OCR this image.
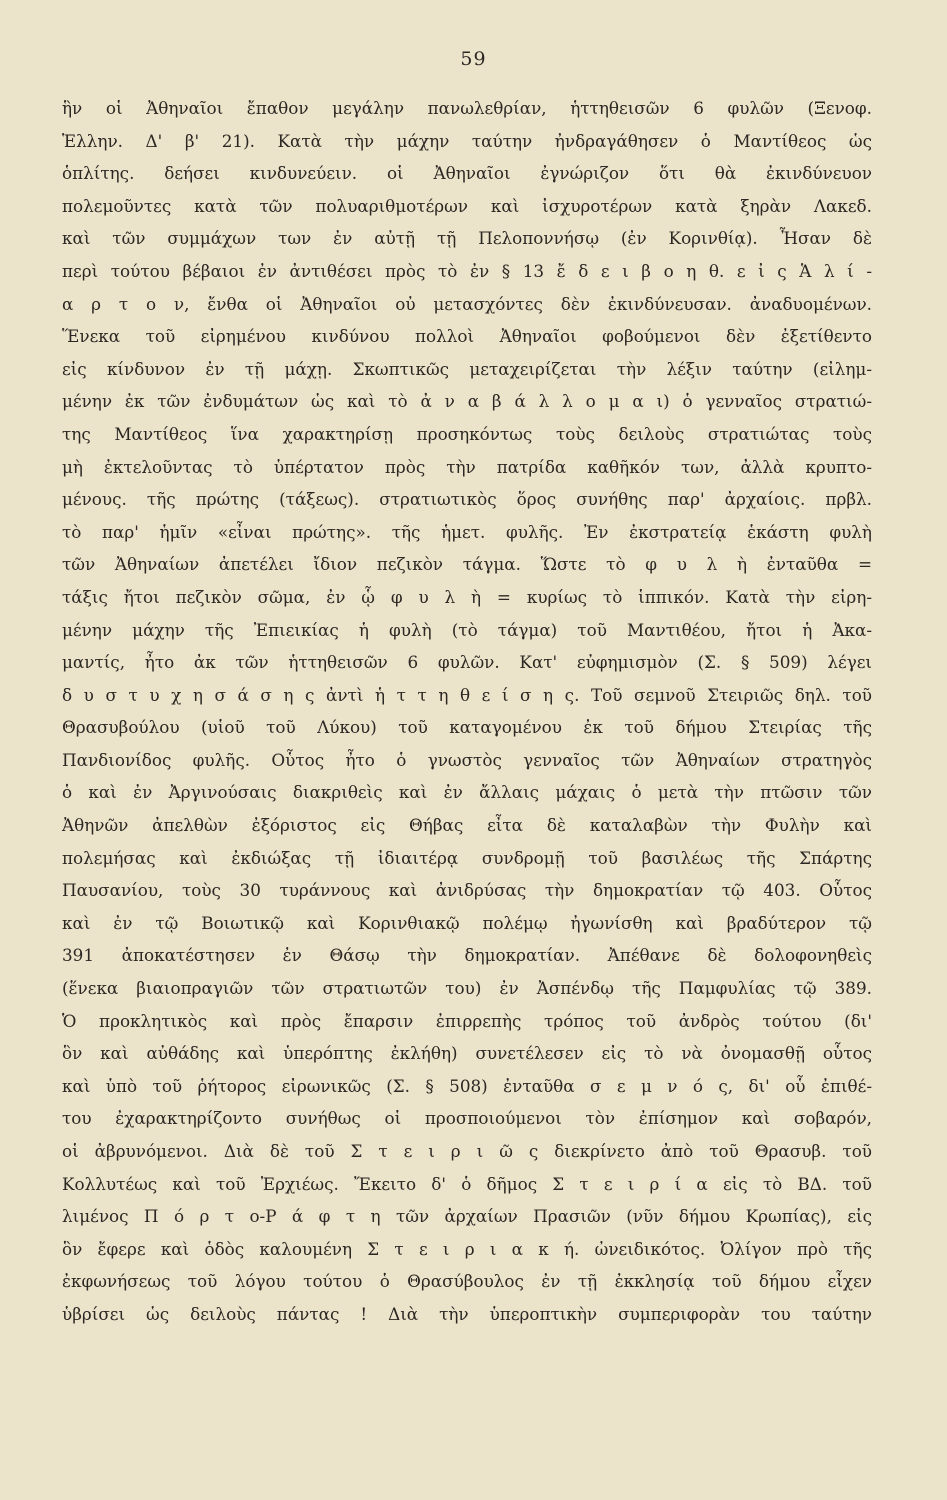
59
ἣν οἱ Ἀθηναῖοι ἔπαθον μεγάλην πανωλεθρίαν, ἡττηθεισῶν 6 φυλῶν (Ξενοφ.
Ἑλλην. Δ' β' 21). Κατὰ τὴν μάχην ταύτην ἠνδραγάθησεν ὁ Μαντίθεος ὡς
ὁπλίτης. δεήσει κινδυνεύειν. οἱ Ἀθηναῖοι ἐγνώριζον ὅτι θὰ ἐκινδύνευον
πολεμοῦντες κατὰ τῶν πολυαριθμοτέρων καὶ ἰσχυροτέρων κατὰ ξηρὰν Λακεδ.
καὶ τῶν συμμάχων των ἐν αὐτῇ τῇ Πελοποννήσῳ (ἐν Κορινθίᾳ). Ἦσαν δὲ
περὶ τούτου βέβαιοι ἐν ἀντιθέσει πρὸς τὸ ἐν § 13 ἔ δ ε ι β ο η θ. ε ἰ ς Ἁ λ ί -
α ρ τ ο ν, ἔνθα οἱ Ἀθηναῖοι οὐ μετασχόντες δὲν ἐκινδύνευσαν. ἀναδυομένων.
Ἕνεκα τοῦ εἰρημένου κινδύνου πολλοὶ Ἀθηναῖοι φοβούμενοι δὲν ἐξετίθεντο
εἰς κίνδυνον ἐν τῇ μάχῃ. Σκωπτικῶς μεταχειρίζεται τὴν λέξιν ταύτην (εἰλημ-
μένην ἐκ τῶν ἐνδυμάτων ὡς καὶ τὸ ἀ ν α β ά λ λ ο μ α ι) ὁ γενναῖος στρατιώ-
της Μαντίθεος ἵνα χαρακτηρίσῃ προσηκόντως τοὺς δειλοὺς στρατιώτας τοὺς
μὴ ἐκτελοῦντας τὸ ὑπέρτατον πρὸς τὴν πατρίδα καθῆκόν των, ἀλλὰ κρυπτο-
μένους. τῆς πρώτης (τάξεως). στρατιωτικὸς ὅρος συνήθης παρ' ἀρχαίοις. πρβλ.
τὸ παρ' ἡμῖν «εἶναι πρώτης». τῆς ἡμετ. φυλῆς. Ἐν ἐκστρατείᾳ ἑκάστη φυλὴ
τῶν Ἀθηναίων ἀπετέλει ἴδιον πεζικὸν τάγμα. Ὥστε τὸ φ υ λ ὴ ἐνταῦθα =
τάξις ἤτοι πεζικὸν σῶμα, ἐν ᾧ φ υ λ ὴ = κυρίως τὸ ἱππικόν. Κατὰ τὴν εἰρη-
μένην μάχην τῆς Ἐπιεικίας ἡ φυλὴ (τὸ τάγμα) τοῦ Μαντιθέου, ἤτοι ἡ Ἀκα-
μαντίς, ἦτο ἀκ τῶν ἡττηθεισῶν 6 φυλῶν. Κατ' εὐφημισμὸν (Σ. § 509) λέγει
δ υ σ τ υ χ η σ ά σ η ς ἀντὶ ἡ τ τ η θ ε ί σ η ς. Τοῦ σεμνοῦ Στειριῶς δηλ. τοῦ
Θρασυβούλου (υἱοῦ τοῦ Λύκου) τοῦ καταγομένου ἐκ τοῦ δήμου Στειρίας τῆς
Πανδιονίδος φυλῆς. Οὗτος ἦτο ὁ γνωστὸς γενναῖος τῶν Ἀθηναίων στρατηγὸς
ὁ καὶ ἐν Ἀργινούσαις διακριθεὶς καὶ ἐν ἄλλαις μάχαις ὁ μετὰ τὴν πτῶσιν τῶν
Ἀθηνῶν ἀπελθὼν ἐξόριστος εἰς Θήβας εἶτα δὲ καταλαβὼν τὴν Φυλὴν καὶ
πολεμήσας καὶ ἐκδιώξας τῇ ἰδιαιτέρᾳ συνδρομῇ τοῦ βασιλέως τῆς Σπάρτης
Παυσανίου, τοὺς 30 τυράννους καὶ ἀνιδρύσας τὴν δημοκρατίαν τῷ 403. Οὗτος
καὶ ἐν τῷ Βοιωτικῷ καὶ Κορινθιακῷ πολέμῳ ἠγωνίσθη καὶ βραδύτερον τῷ
391 ἀποκατέστησεν ἐν Θάσῳ τὴν δημοκρατίαν. Ἀπέθανε δὲ δολοφονηθεὶς
(ἕνεκα βιαιοπραγιῶν τῶν στρατιωτῶν του) ἐν Ἀσπένδῳ τῆς Παμφυλίας τῷ 389.
Ὁ προκλητικὸς καὶ πρὸς ἔπαρσιν ἐπιρρεπὴς τρόπος τοῦ ἀνδρὸς τούτου (δι'
ὃν καὶ αὐθάδης καὶ ὑπερόπτης ἐκλήθη) συνετέλεσεν εἰς τὸ νὰ ὀνομασθῇ οὗτος
καὶ ὑπὸ τοῦ ῥήτορος εἰρωνικῶς (Σ. § 508) ἐνταῦθα σ ε μ ν ό ς, δι' οὗ ἐπιθέ-
του ἐχαρακτηρίζοντο συνήθως οἱ προσποιούμενοι τὸν ἐπίσημον καὶ σοβαρόν,
οἱ ἀβρυνόμενοι. Διὰ δὲ τοῦ Σ τ ε ι ρ ι ῶ ς διεκρίνετο ἀπὸ τοῦ Θρασυβ. τοῦ
Κολλυτέως καὶ τοῦ Ἐρχιέως. Ἔκειτο δ' ὁ δῆμος Σ τ ε ι ρ ί α εἰς τὸ ΒΔ. τοῦ
λιμένος Π ό ρ τ ο-Ρ ά φ τ η τῶν ἀρχαίων Πρασιῶν (νῦν δήμου Κρωπίας), εἰς
ὃν ἔφερε καὶ ὁδὸς καλουμένη Σ τ ε ι ρ ι α κ ή. ὠνειδικότος. Ὀλίγον πρὸ τῆς
ἐκφωνήσεως τοῦ λόγου τούτου ὁ Θρασύβουλος ἐν τῇ ἐκκλησίᾳ τοῦ δήμου εἶχεν
ὑβρίσει ὡς δειλοὺς πάντας ! Διὰ τὴν ὑπεροπτικὴν συμπεριφορὰν του ταύτην
